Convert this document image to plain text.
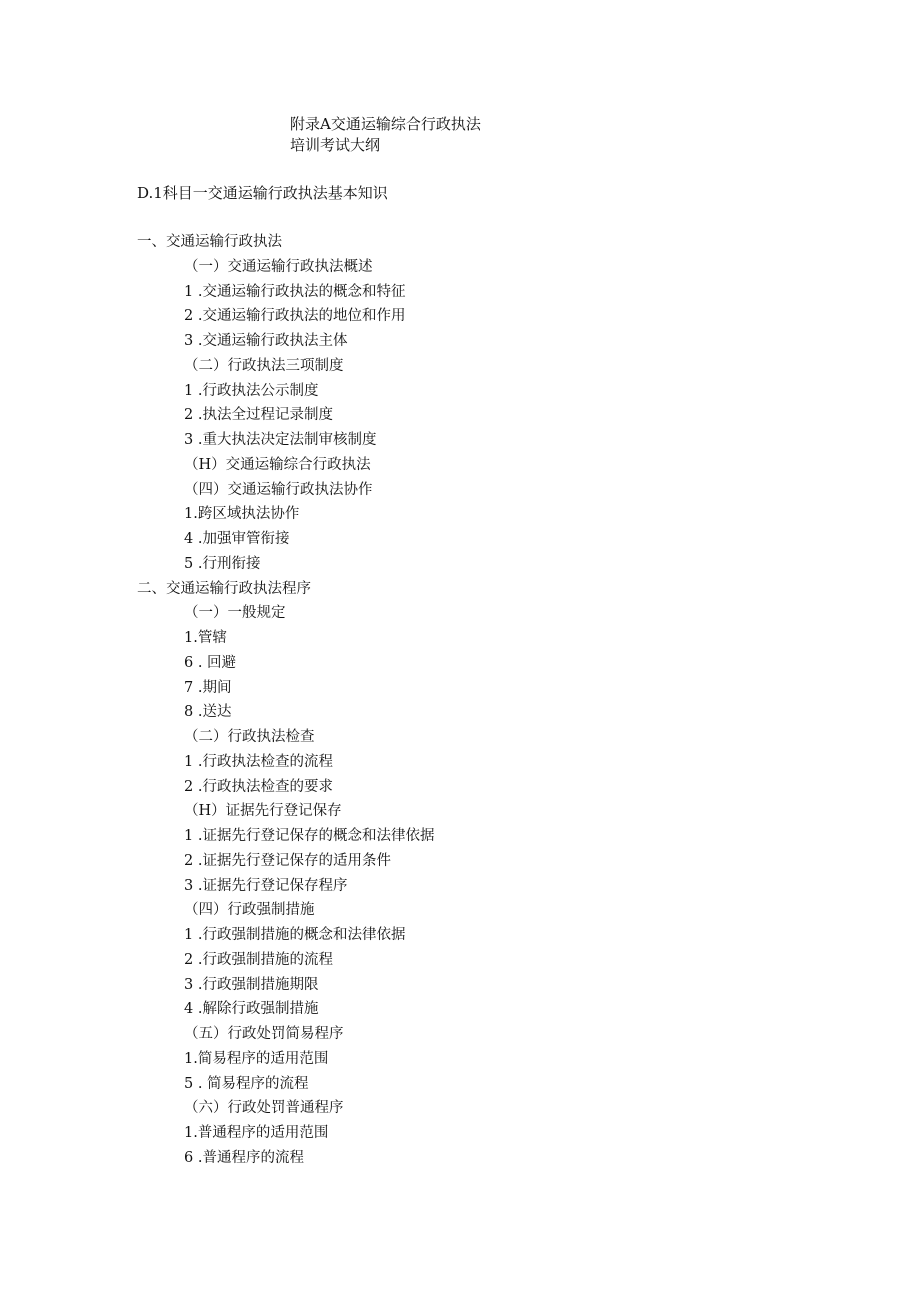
附录A交通运输综合行政执法
培训考试大纲
D.1科目一交通运输行政执法基本知识
一、交通运输行政执法
（一）交通运输行政执法概述
1 .交通运输行政执法的概念和特征
2 .交通运输行政执法的地位和作用
3 .交通运输行政执法主体
（二）行政执法三项制度
1 .行政执法公示制度
2 .执法全过程记录制度
3 .重大执法决定法制审核制度
（H）交通运输综合行政执法
（四）交通运输行政执法协作
1.跨区域执法协作
4 .加强审管衔接
5 .行刑衔接
二、交通运输行政执法程序
（一）一般规定
1.管辖
6 . 回避
7 .期间
8 .送达
（二）行政执法检查
1 .行政执法检查的流程
2 .行政执法检查的要求
（H）证据先行登记保存
1 .证据先行登记保存的概念和法律依据
2 .证据先行登记保存的适用条件
3 .证据先行登记保存程序
（四）行政强制措施
1 .行政强制措施的概念和法律依据
2 .行政强制措施的流程
3 .行政强制措施期限
4 .解除行政强制措施
（五）行政处罚简易程序
1.简易程序的适用范围
5 . 简易程序的流程
（六）行政处罚普通程序
1.普通程序的适用范围
6 .普通程序的流程
